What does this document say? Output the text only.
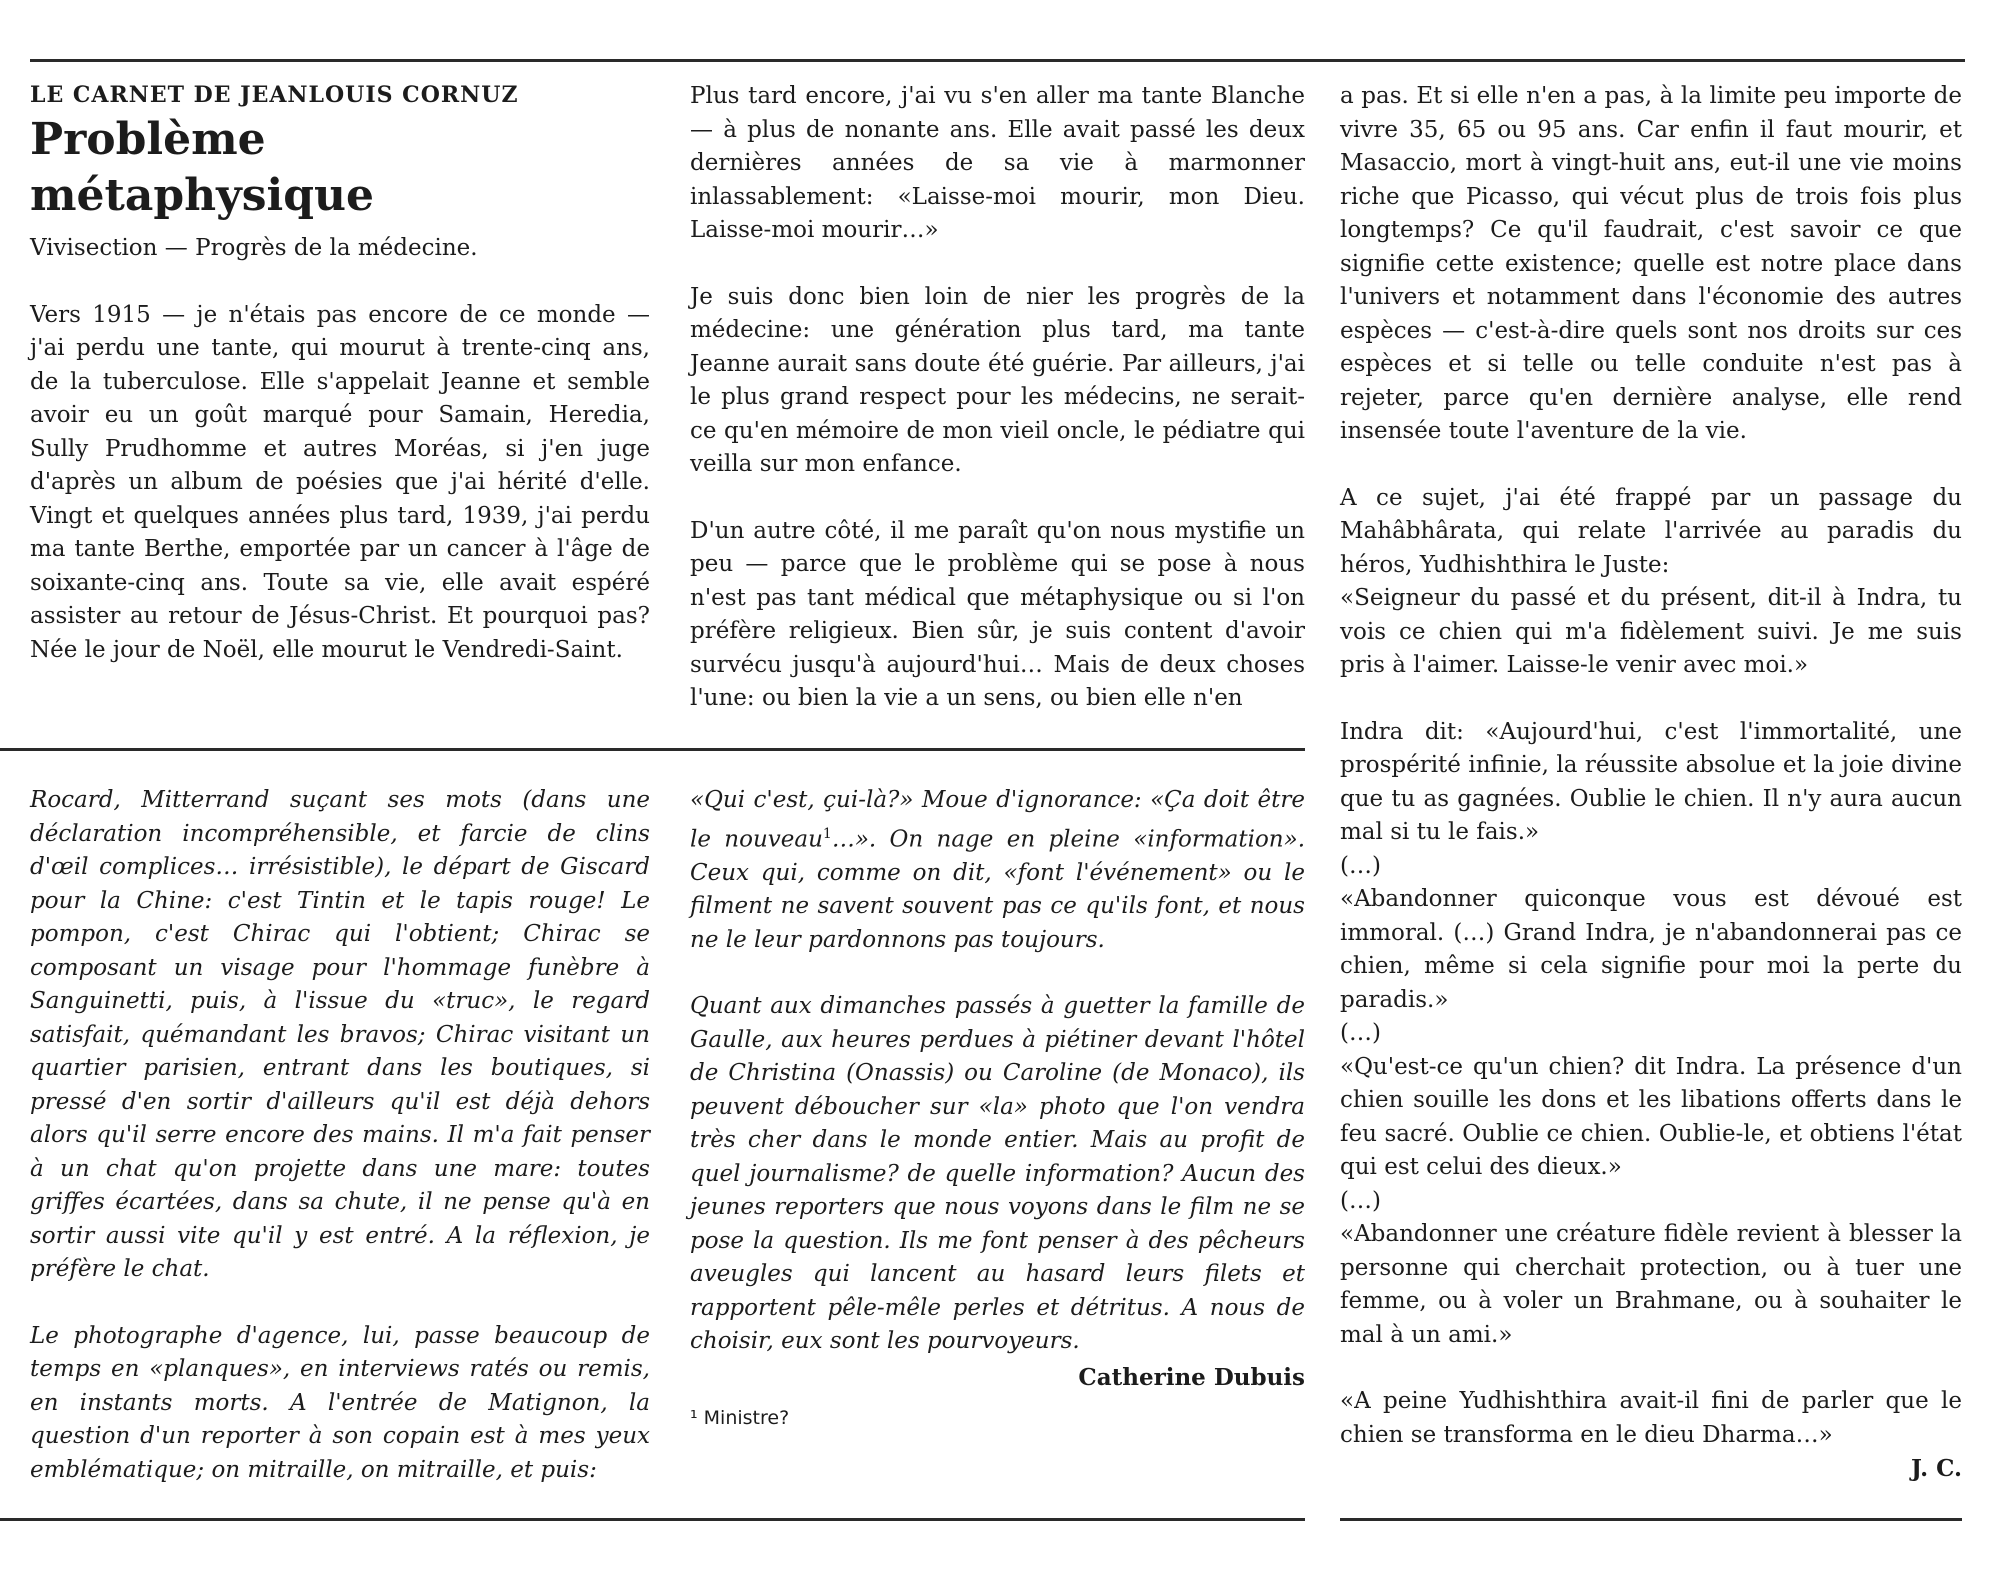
LE CARNET DE JEANLOUIS CORNUZ
Problème
métaphysique

Vivisection — Progrès de la médecine.

Vers 1915 — je n'étais pas encore de ce monde — j'ai perdu une tante, qui mourut à trente-cinq ans, de la tuberculose. Elle s'appelait Jeanne et semble avoir eu un goût marqué pour Samain, Heredia, Sully Prudhomme et autres Moréas, si j'en juge d'après un album de poésies que j'ai hérité d'elle. Vingt et quelques années plus tard, 1939, j'ai perdu ma tante Berthe, emportée par un cancer à l'âge de soixante-cinq ans. Toute sa vie, elle avait espéré assister au retour de Jésus-Christ. Et pourquoi pas? Née le jour de Noël, elle mourut le Vendredi-Saint.

Plus tard encore, j'ai vu s'en aller ma tante Blanche — à plus de nonante ans. Elle avait passé les deux dernières années de sa vie à marmonner inlassablement: «Laisse-moi mourir, mon Dieu. Laisse-moi mourir…»

Je suis donc bien loin de nier les progrès de la médecine: une génération plus tard, ma tante Jeanne aurait sans doute été guérie. Par ailleurs, j'ai le plus grand respect pour les médecins, ne serait-ce qu'en mémoire de mon vieil oncle, le pédiatre qui veilla sur mon enfance.

D'un autre côté, il me paraît qu'on nous mystifie un peu — parce que le problème qui se pose à nous n'est pas tant médical que métaphysique ou si l'on préfère religieux. Bien sûr, je suis content d'avoir survécu jusqu'à aujourd'hui… Mais de deux choses l'une: ou bien la vie a un sens, ou bien elle n'en

a pas. Et si elle n'en a pas, à la limite peu importe de vivre 35, 65 ou 95 ans. Car enfin il faut mourir, et Masaccio, mort à vingt-huit ans, eut-il une vie moins riche que Picasso, qui vécut plus de trois fois plus longtemps? Ce qu'il faudrait, c'est savoir ce que signifie cette existence; quelle est notre place dans l'univers et notamment dans l'économie des autres espèces — c'est-à-dire quels sont nos droits sur ces espèces et si telle ou telle conduite n'est pas à rejeter, parce qu'en dernière analyse, elle rend insensée toute l'aventure de la vie.

A ce sujet, j'ai été frappé par un passage du Mahâbhârata, qui relate l'arrivée au paradis du héros, Yudhishthira le Juste:

«Seigneur du passé et du présent, dit-il à Indra, tu vois ce chien qui m'a fidèlement suivi. Je me suis pris à l'aimer. Laisse-le venir avec moi.»

Indra dit: «Aujourd'hui, c'est l'immortalité, une prospérité infinie, la réussite absolue et la joie divine que tu as gagnées. Oublie le chien. Il n'y aura aucun mal si tu le fais.»

(…)

«Abandonner quiconque vous est dévoué est immoral. (…) Grand Indra, je n'abandonnerai pas ce chien, même si cela signifie pour moi la perte du paradis.»

(…)

«Qu'est-ce qu'un chien? dit Indra. La présence d'un chien souille les dons et les libations offerts dans le feu sacré. Oublie ce chien. Oublie-le, et obtiens l'état qui est celui des dieux.»

(…)

«Abandonner une créature fidèle revient à blesser la personne qui cherchait protection, ou à tuer une femme, ou à voler un Brahmane, ou à souhaiter le mal à un ami.»

«A peine Yudhishthira avait-il fini de parler que le chien se transforma en le dieu Dharma…»

J. C.

Rocard, Mitterrand suçant ses mots (dans une déclaration incompréhensible, et farcie de clins d'œil complices… irrésistible), le départ de Giscard pour la Chine: c'est Tintin et le tapis rouge! Le pompon, c'est Chirac qui l'obtient; Chirac se composant un visage pour l'hommage funèbre à Sanguinetti, puis, à l'issue du «truc», le regard satisfait, quémandant les bravos; Chirac visitant un quartier parisien, entrant dans les boutiques, si pressé d'en sortir d'ailleurs qu'il est déjà dehors alors qu'il serre encore des mains. Il m'a fait penser à un chat qu'on projette dans une mare: toutes griffes écartées, dans sa chute, il ne pense qu'à en sortir aussi vite qu'il y est entré. A la réflexion, je préfère le chat.

Le photographe d'agence, lui, passe beaucoup de temps en «planques», en interviews ratés ou remis, en instants morts. A l'entrée de Matignon, la question d'un reporter à son copain est à mes yeux emblématique; on mitraille, on mitraille, et puis:

«Qui c'est, çui-là?» Moue d'ignorance: «Ça doit être le nouveau$^1$…». On nage en pleine «information». Ceux qui, comme on dit, «font l'événement» ou le filment ne savent souvent pas ce qu'ils font, et nous ne le leur pardonnons pas toujours.

Quant aux dimanches passés à guetter la famille de Gaulle, aux heures perdues à piétiner devant l'hôtel de Christina (Onassis) ou Caroline (de Monaco), ils peuvent déboucher sur «la» photo que l'on vendra très cher dans le monde entier. Mais au profit de quel journalisme? de quelle information? Aucun des jeunes reporters que nous voyons dans le film ne se pose la question. Ils me font penser à des pêcheurs aveugles qui lancent au hasard leurs filets et rapportent pêle-mêle perles et détritus. A nous de choisir, eux sont les pourvoyeurs.

Catherine Dubuis

¹ Ministre?
